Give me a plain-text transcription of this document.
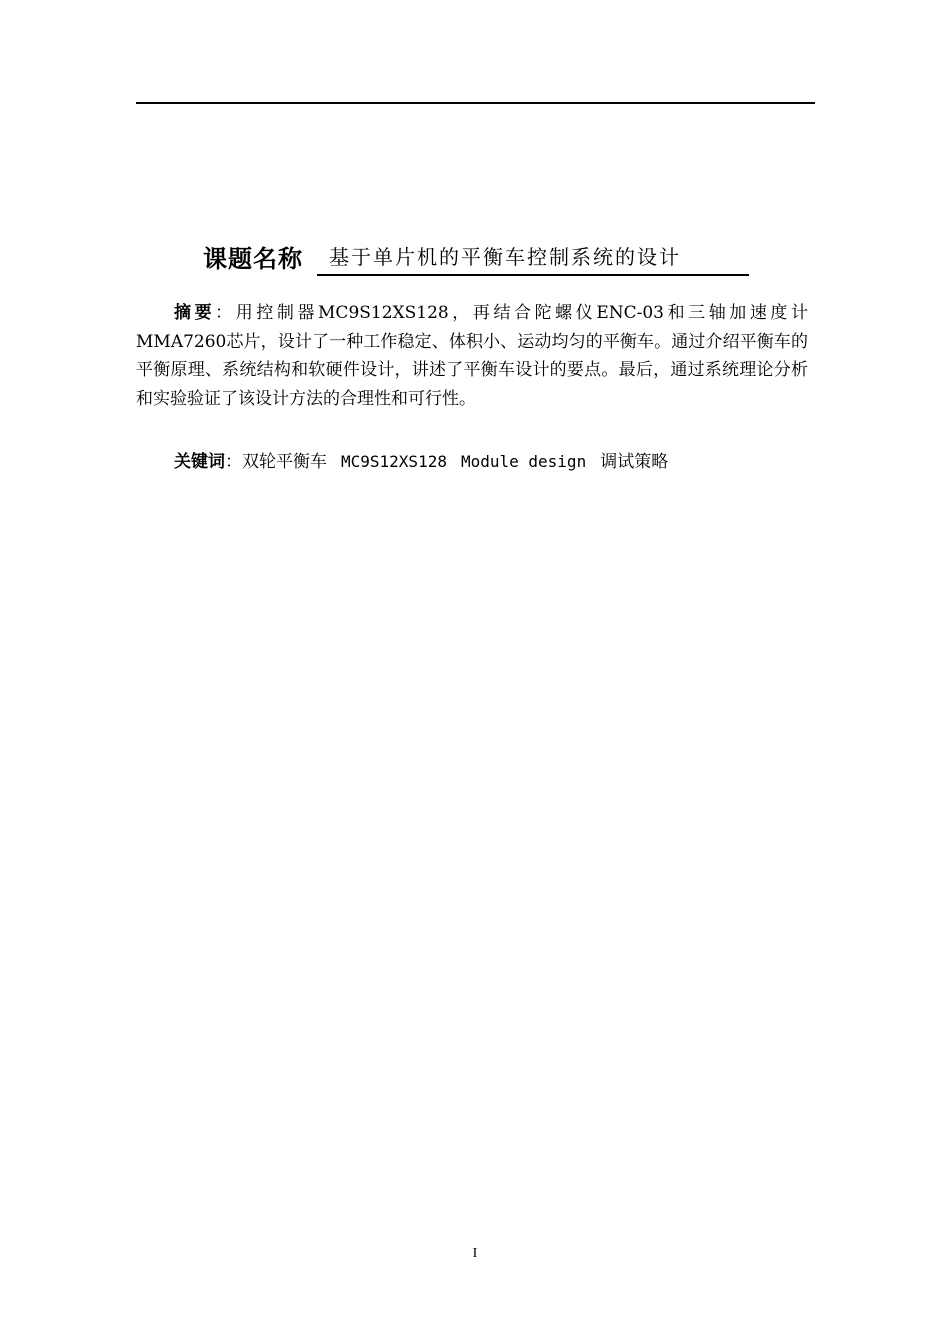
课题名称	基于单片机的平衡车控制系统的设计

摘要：用控制器MC9S12XS128，再结合陀螺仪ENC-03和三轴加速度计MMA7260芯片，设计了一种工作稳定、体积小、运动均匀的平衡车。通过介绍平衡车的平衡原理、系统结构和软硬件设计，讲述了平衡车设计的要点。最后，通过系统理论分析和实验验证了该设计方法的合理性和可行性。

关键词：双轮平衡车 MC9S12XS128 Module design 调试策略
I
